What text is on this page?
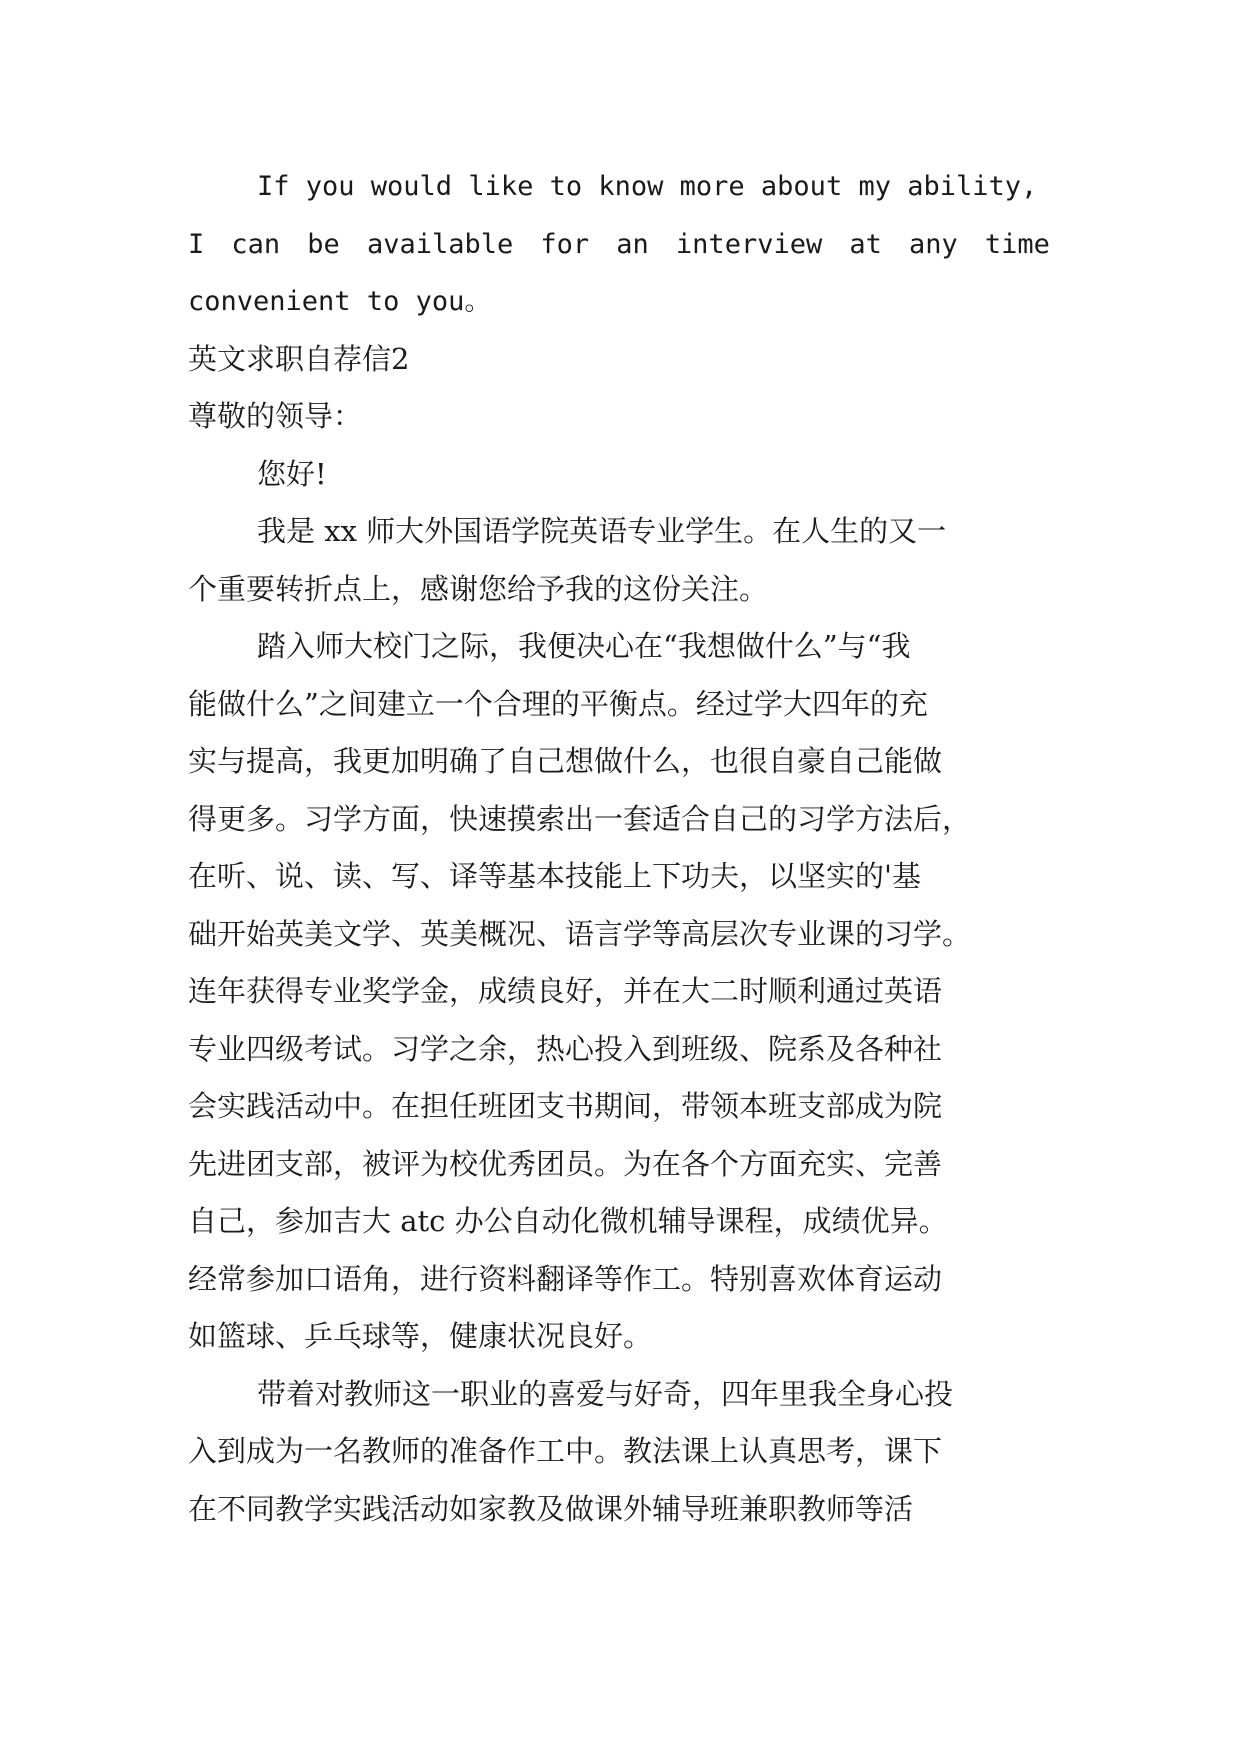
If you would like to know more about my ability,
I can be available for an interview at any time
convenient to you。
英文求职自荐信2
尊敬的领导：
您好!
我是 xx 师大外国语学院英语专业学生。在人生的又一
个重要转折点上，感谢您给予我的这份关注。
踏入师大校门之际，我便决心在“我想做什么”与“我
能做什么”之间建立一个合理的平衡点。经过学大四年的充
实与提高，我更加明确了自己想做什么，也很自豪自己能做
得更多。习学方面，快速摸索出一套适合自己的习学方法后，
在听、说、读、写、译等基本技能上下功夫，以坚实的'基
础开始英美文学、英美概况、语言学等高层次专业课的习学。
连年获得专业奖学金，成绩良好，并在大二时顺利通过英语
专业四级考试。习学之余，热心投入到班级、院系及各种社
会实践活动中。在担任班团支书期间，带领本班支部成为院
先进团支部，被评为校优秀团员。为在各个方面充实、完善
自己，参加吉大 atc 办公自动化微机辅导课程，成绩优异。
经常参加口语角，进行资料翻译等作工。特别喜欢体育运动
如篮球、乒乓球等，健康状况良好。
带着对教师这一职业的喜爱与好奇，四年里我全身心投
入到成为一名教师的准备作工中。教法课上认真思考，课下
在不同教学实践活动如家教及做课外辅导班兼职教师等活
